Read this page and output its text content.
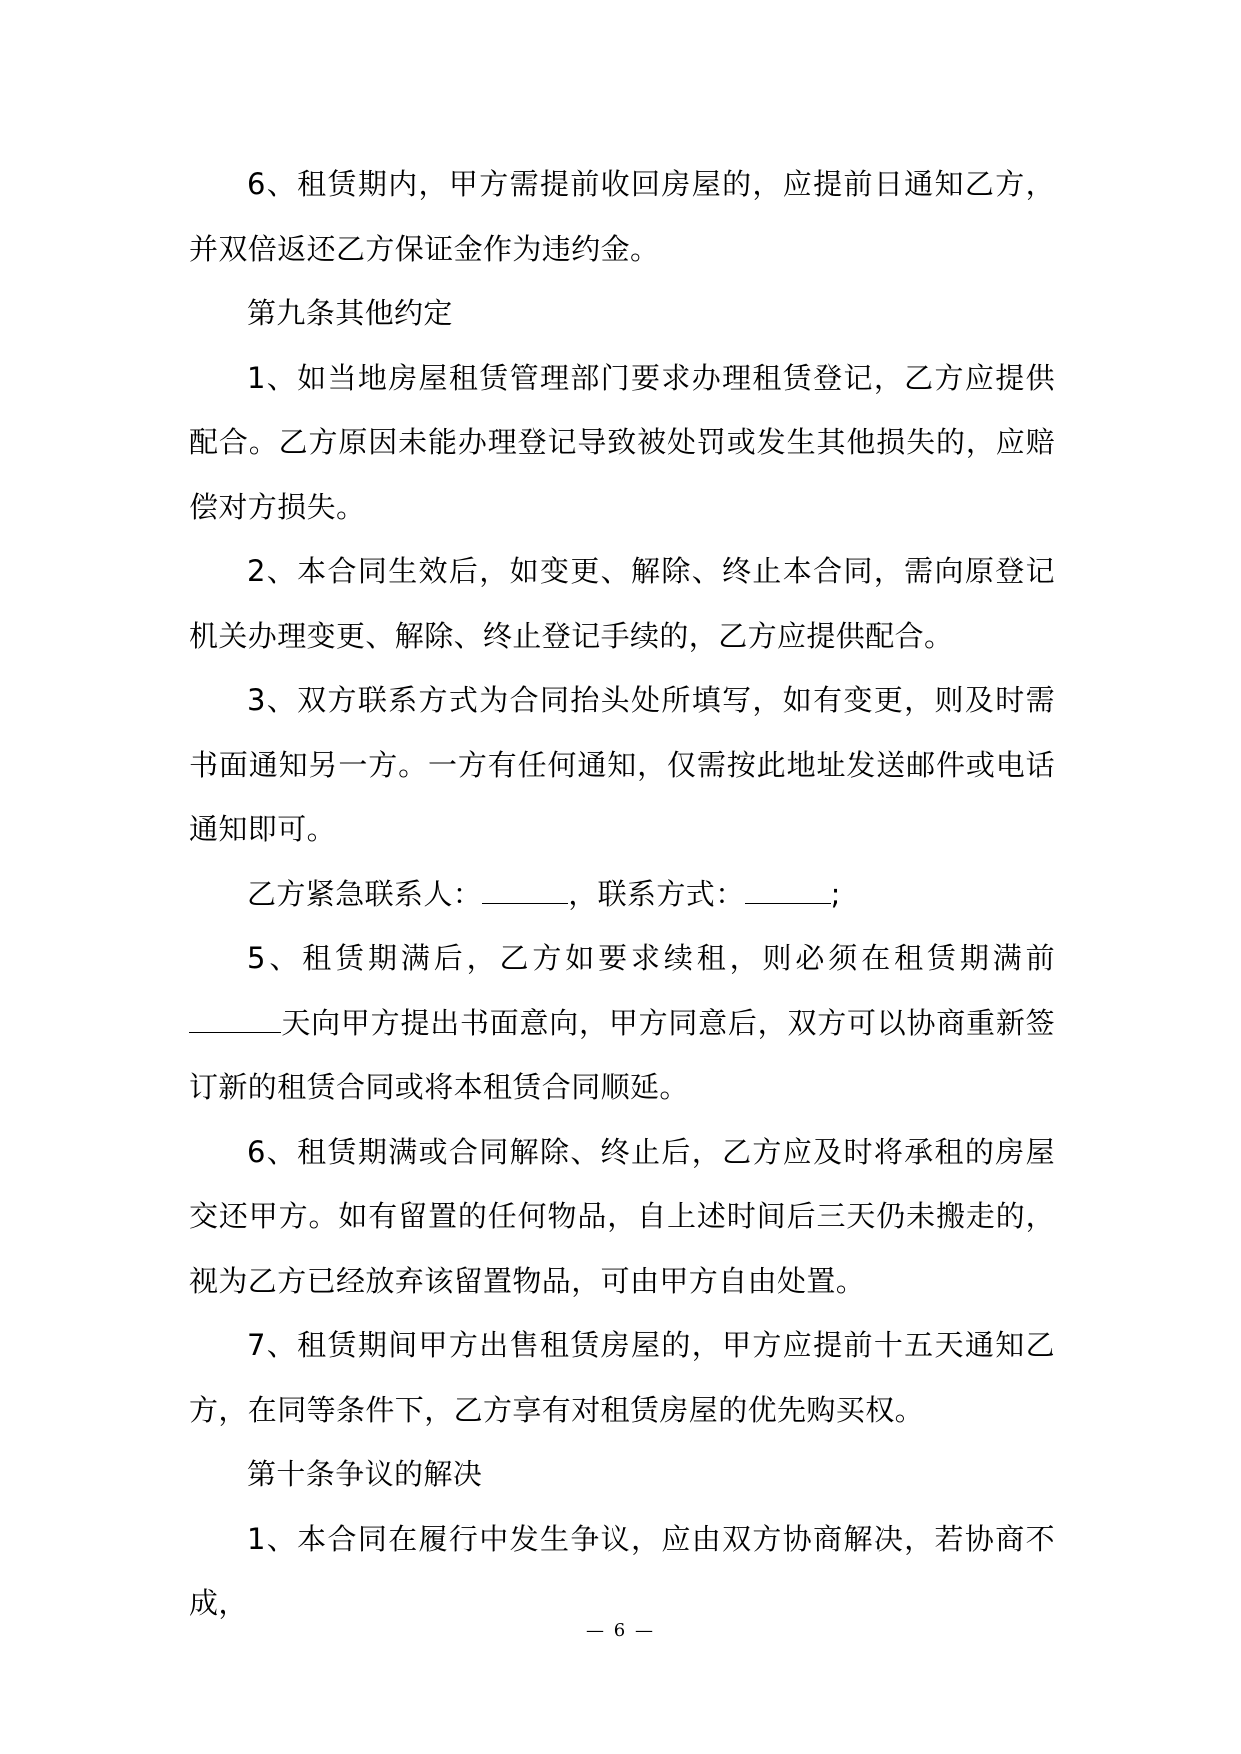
6、租赁期内，甲方需提前收回房屋的，应提前日通知乙方，并双倍返还乙方保证金作为违约金。

第九条其他约定

1、如当地房屋租赁管理部门要求办理租赁登记，乙方应提供配合。乙方原因未能办理登记导致被处罚或发生其他损失的，应赔偿对方损失。

2、本合同生效后，如变更、解除、终止本合同，需向原登记机关办理变更、解除、终止登记手续的，乙方应提供配合。

3、双方联系方式为合同抬头处所填写，如有变更，则及时需书面通知另一方。一方有任何通知，仅需按此地址发送邮件或电话通知即可。

乙方紧急联系人：	，联系方式：	;

5、租赁期满后，乙方如要求续租，则必须在租赁期满前天向甲方提出书面意向，甲方同意后，双方可以协商重新签订新的租赁合同或将本租赁合同顺延。

6、租赁期满或合同解除、终止后，乙方应及时将承租的房屋交还甲方。如有留置的任何物品，自上述时间后三天仍未搬走的，视为乙方已经放弃该留置物品，可由甲方自由处置。

7、租赁期间甲方出售租赁房屋的，甲方应提前十五天通知乙方，在同等条件下，乙方享有对租赁房屋的优先购买权。

第十条争议的解决

1、本合同在履行中发生争议，应由双方协商解决，若协商不成，

— 6 —
